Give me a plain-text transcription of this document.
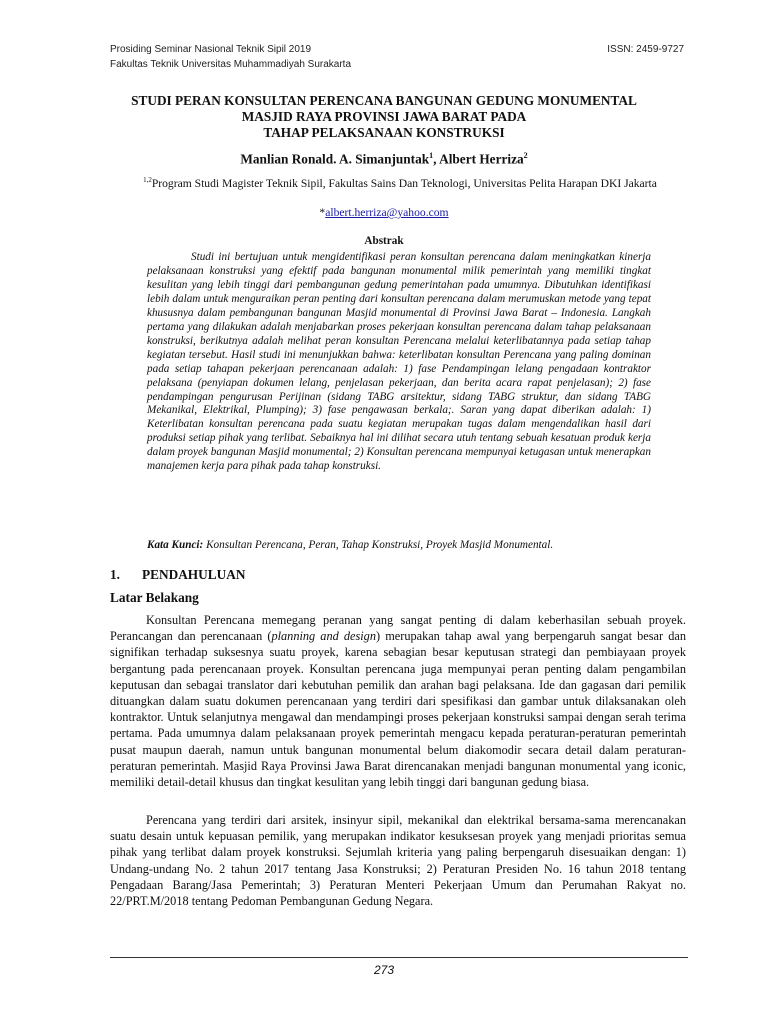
Prosiding Seminar Nasional Teknik Sipil 2019
Fakultas Teknik Universitas Muhammadiyah Surakarta
ISSN: 2459-9727
STUDI PERAN KONSULTAN PERENCANA BANGUNAN GEDUNG MONUMENTAL
MASJID RAYA PROVINSI JAWA BARAT PADA
TAHAP PELAKSANAAN KONSTRUKSI
Manlian Ronald. A. Simanjuntak$^1$, Albert Herriza$^2$
$^{1,2}$Program Studi Magister Teknik Sipil, Fakultas Sains Dan Teknologi, Universitas Pelita Harapan DKI Jakarta
*albert.herriza@yahoo.com
Abstrak

Studi ini bertujuan untuk mengidentifikasi peran konsultan perencana dalam meningkatkan kinerja pelaksanaan konstruksi yang efektif pada bangunan monumental milik pemerintah yang memiliki tingkat kesulitan yang lebih tinggi dari pembangunan gedung pemerintahan pada umumnya. Dibutuhkan identifikasi lebih dalam untuk menguraikan peran penting dari konsultan perencana dalam merumuskan metode yang tepat khususnya dalam pembangunan bangunan Masjid monumental di Provinsi Jawa Barat – Indonesia. Langkah pertama yang dilakukan adalah menjabarkan proses pekerjaan konsultan perencana dalam tahap pelaksanaan konstruksi, berikutnya adalah melihat peran konsultan Perencana melalui keterlibatannya pada setiap tahap kegiatan tersebut. Hasil studi ini menunjukkan bahwa: keterlibatan konsultan Perencana yang paling dominan pada setiap tahapan pekerjaan perencanaan adalah: 1) fase Pendampingan lelang pengadaan kontraktor pelaksana (penyiapan dokumen lelang, penjelasan pekerjaan, dan berita acara rapat penjelasan); 2) fase pendampingan pengurusan Perijinan (sidang TABG arsitektur, sidang TABG struktur, dan sidang TABG Mekanikal, Elektrikal, Plumping); 3) fase pengawasan berkala;. Saran yang dapat diberikan adalah: 1) Keterlibatan konsultan perencana pada suatu kegiatan merupakan tugas dalam mengendalikan hasil dari produksi setiap pihak yang terlibat. Sebaiknya hal ini dilihat secara utuh tentang sebuah kesatuan produk kerja dalam proyek bangunan Masjid monumental; 2) Konsultan perencana mempunyai ketugasan untuk menerapkan manajemen kerja para pihak pada tahap konstruksi.

Kata Kunci: Konsultan Perencana, Peran, Tahap Konstruksi, Proyek Masjid Monumental.
1. PENDAHULUAN
Latar Belakang

Konsultan Perencana memegang peranan yang sangat penting di dalam keberhasilan sebuah proyek. Perancangan dan perencanaan (planning and design) merupakan tahap awal yang berpengaruh sangat besar dan signifikan terhadap suksesnya suatu proyek, karena sebagian besar keputusan strategi dan pembiayaan proyek bergantung pada perencanaan proyek. Konsultan perencana juga mempunyai peran penting dalam pengambilan keputusan dan sebagai translator dari kebutuhan pemilik dan arahan bagi pelaksana. Ide dan gagasan dari pemilik dituangkan dalam suatu dokumen perencanaan yang terdiri dari spesifikasi dan gambar untuk dilaksanakan oleh kontraktor. Untuk selanjutnya mengawal dan mendampingi proses pekerjaan konstruksi sampai dengan serah terima pertama. Pada umumnya dalam pelaksanaan proyek pemerintah mengacu kepada peraturan-peraturan pemerintah pusat maupun daerah, namun untuk bangunan monumental belum diakomodir secara detail dalam peraturan-peraturan pemerintah. Masjid Raya Provinsi Jawa Barat direncanakan menjadi bangunan monumental yang iconic, memiliki detail-detail khusus dan tingkat kesulitan yang lebih tinggi dari bangunan gedung biasa.

Perencana yang terdiri dari arsitek, insinyur sipil, mekanikal dan elektrikal bersama-sama merencanakan suatu desain untuk kepuasan pemilik, yang merupakan indikator kesuksesan proyek yang menjadi prioritas semua pihak yang terlibat dalam proyek konstruksi. Sejumlah kriteria yang paling berpengaruh disesuaikan dengan: 1) Undang-undang No. 2 tahun 2017 tentang Jasa Konstruksi; 2) Peraturan Presiden No. 16 tahun 2018 tentang Pengadaan Barang/Jasa Pemerintah; 3) Peraturan Menteri Pekerjaan Umum dan Perumahan Rakyat no. 22/PRT.M/2018 tentang Pedoman Pembangunan Gedung Negara.

273
